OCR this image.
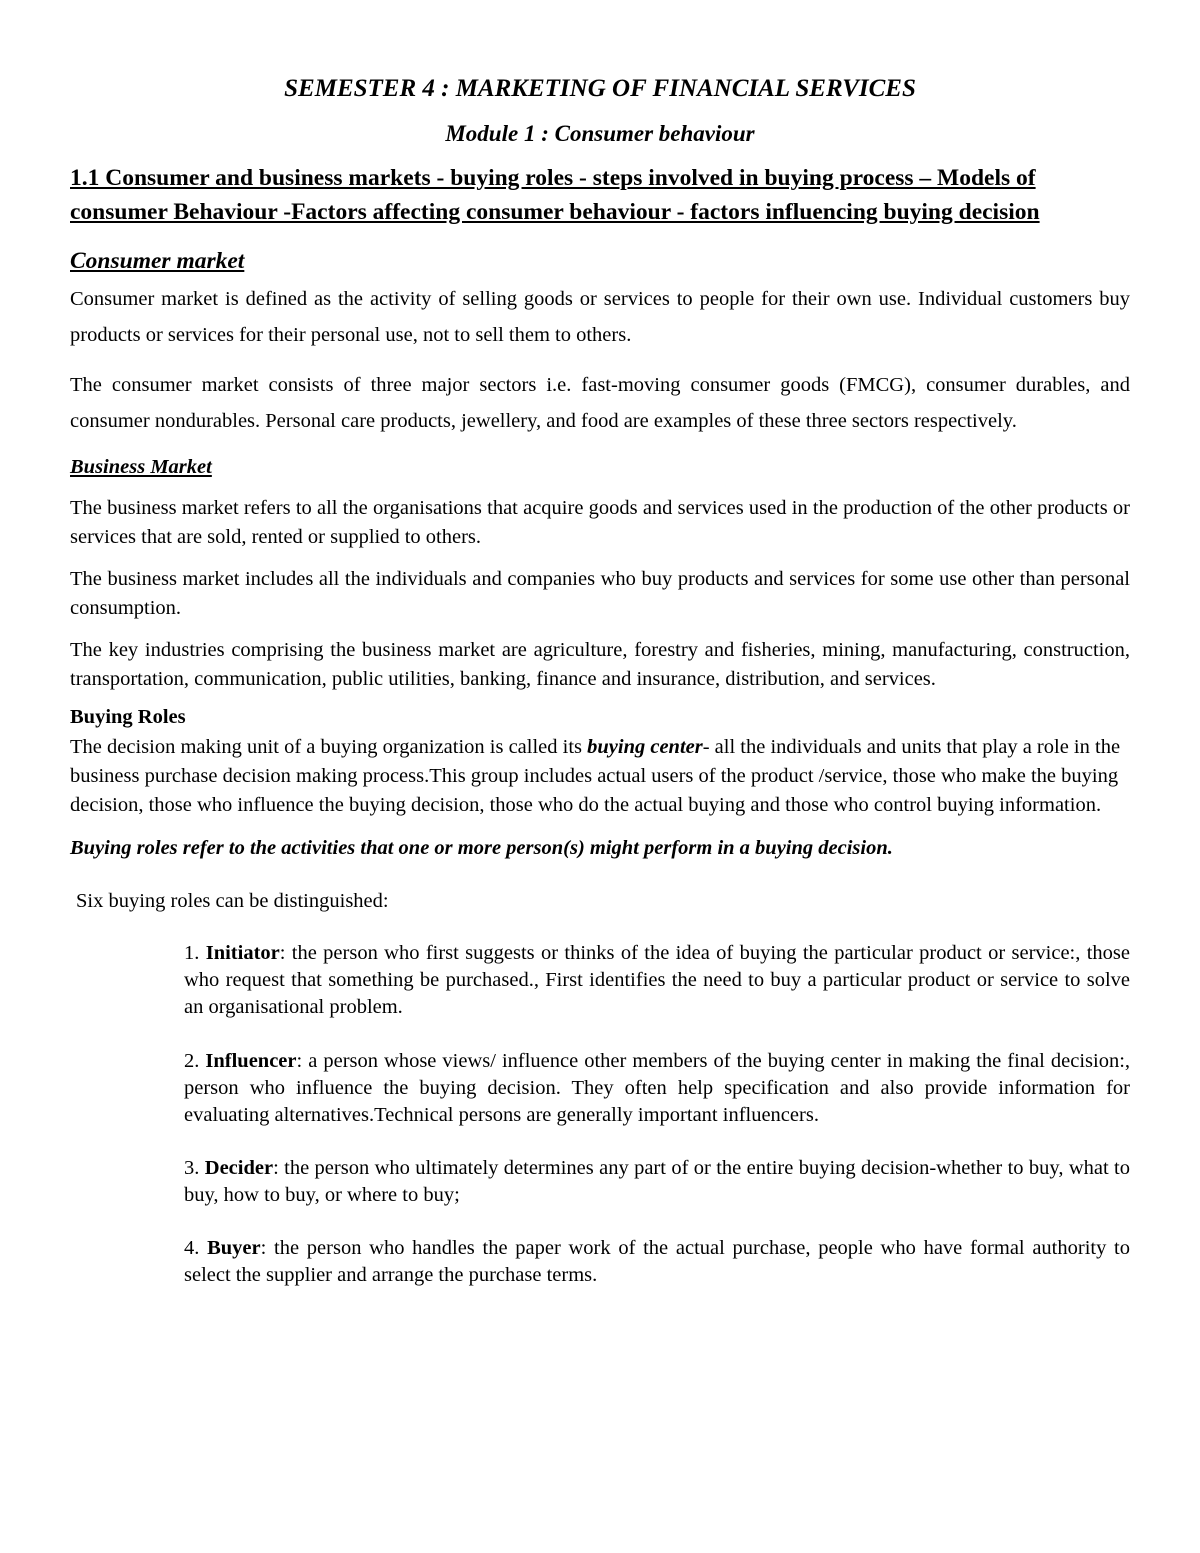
SEMESTER 4 : MARKETING OF FINANCIAL SERVICES

Module 1 : Consumer behaviour

1.1 Consumer and business markets - buying roles - steps involved in buying process – Models of consumer Behaviour -Factors affecting consumer behaviour - factors influencing buying decision

Consumer market

Consumer market is defined as the activity of selling goods or services to people for their own use. Individual customers buy products or services for their personal use, not to sell them to others.

The consumer market consists of three major sectors i.e. fast-moving consumer goods (FMCG), consumer durables, and consumer nondurables. Personal care products, jewellery, and food are examples of these three sectors respectively.

Business Market

The business market refers to all the organisations that acquire goods and services used in the production of the other products or services that are sold, rented or supplied to others.

The business market includes all the individuals and companies who buy products and services for some use other than personal consumption.

The key industries comprising the business market are agriculture, forestry and fisheries, mining, manufacturing, construction, transportation, communication, public utilities, banking, finance and insurance, distribution, and services.

Buying Roles

The decision making unit of a buying organization is called its buying center- all the individuals and units that play a role in the business purchase decision making process.This group includes actual users of the product /service, those who make the buying decision, those who influence the buying decision, those who do the actual buying and those who control buying information.

Buying roles refer to the activities that one or more person(s) might perform in a buying decision.

Six buying roles can be distinguished:

1. Initiator: the person who first suggests or thinks of the idea of buying the particular product or service:, those who request that something be purchased., First identifies the need to buy a particular product or service to solve an organisational problem.

2. Influencer: a person whose views/ influence other members of the buying center in making the final decision:, person who influence the buying decision. They often help specification and also provide information for evaluating alternatives.Technical persons are generally important influencers.

3. Decider: the person who ultimately determines any part of or the entire buying decision-whether to buy, what to buy, how to buy, or where to buy;

4. Buyer: the person who handles the paper work of the actual purchase, people who have formal authority to select the supplier and arrange the purchase terms.
